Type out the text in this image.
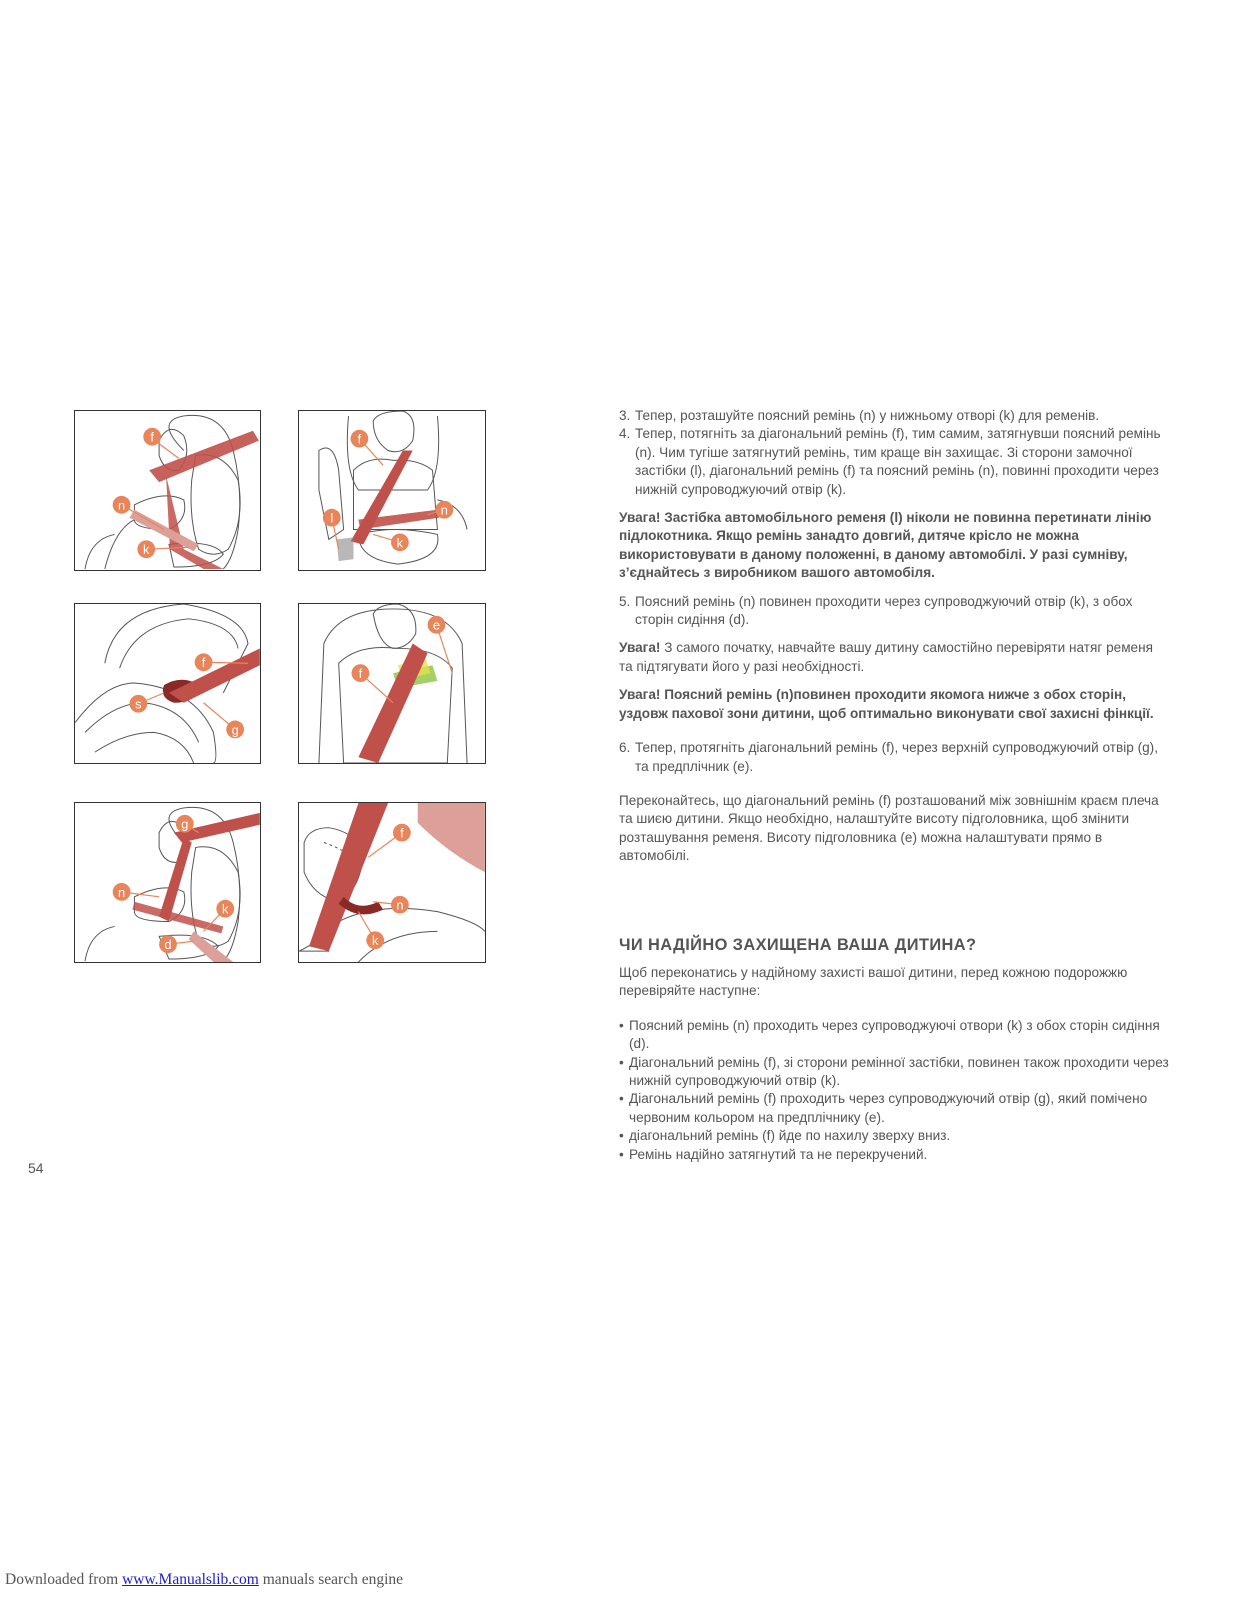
f
n
k
f
l
k
n
f
s
g
e
f
g
n
k
d
f
n
k

3. Тепер, розташуйте поясний ремінь (n) у нижньому отворі (k) для ременів.

4. Тепер, потягніть за діагональний ремінь (f), тим самим, затягнувши поясний ремінь (n). Чим тугіше затягнутий ремінь, тим краще він захищає. Зі сторони замочної застібки (l), діагональний ремінь (f) та поясний ремінь (n), повинні проходити через нижній супроводжуючий отвір (k).

Увага! Застібка автомобільного ременя (l) ніколи не повинна перетинати лінію підлокотника. Якщо ремінь занадто довгий, дитяче крісло не можна використовувати в даному положенні, в даному автомобілі. У разі сумніву, з’єднайтесь з виробником вашого автомобіля.

5. Поясний ремінь (n) повинен проходити через супроводжуючий отвір (k), з обох сторін сидіння (d).

Увага! З самого початку, навчайте вашу дитину самостійно перевіряти натяг ременя та підтягувати його у разі необхідності.

Увага! Поясний ремінь (n)повинен проходити якомога нижче з обох сторін, уздовж пахової зони дитини, щоб оптимально виконувати свої захисні фінкції.

6. Тепер, протягніть діагональний ремінь (f), через верхній супроводжуючий отвір (g), та предплічник (e).

Переконайтесь, що діагональний ремінь (f) розташований між зовнішнім краєм плеча та шиєю дитини. Якщо необхідно, налаштуйте висоту підголовника, щоб змінити розташування ременя. Висоту підголовника (e) можна налаштувати прямо в автомобілі.

ЧИ НАДІЙНО ЗАХИЩЕНА ВАША ДИТИНА?

Щоб переконатись у надійному захисті вашої дитини, перед кожною подорожжю перевіряйте наступне:

• Поясний ремінь (n) проходить через супроводжуючі отвори (k) з обох сторін сидіння (d).
• Діагональний ремінь (f), зі сторони ремінної застібки, повинен також проходити через нижній супроводжуючий отвір (k).
• Діагональний ремінь (f) проходить через супроводжуючий отвір (g), який помічено червоним кольором на предплічнику (e).
• діагональний ремінь (f) йде по нахилу зверху вниз.
• Ремінь надійно затягнутий та не перекручений.
54
Downloaded from www.Manualslib.com manuals search engine
